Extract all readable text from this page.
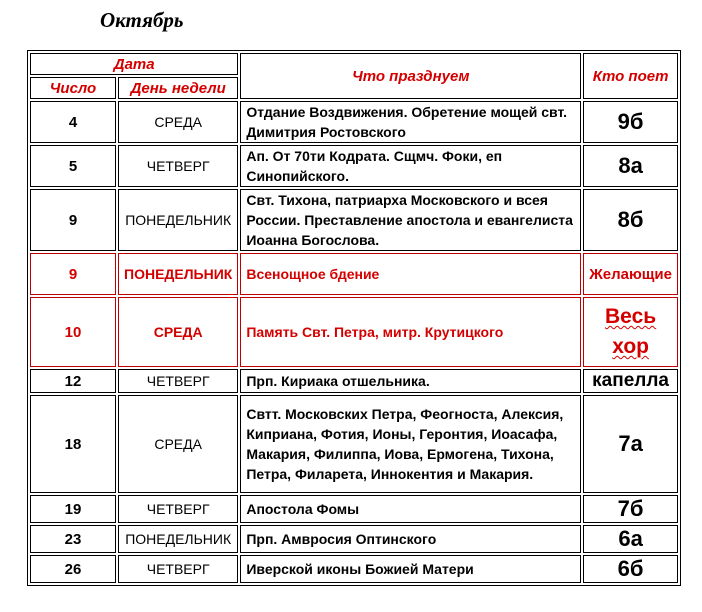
Октябрь
Дата		Что празднуем	Кто поет
Число	День недели		
4	СРЕДА	Отдание Воздвижения. Обретение мощей свт. Димитрия Ростовского	9б
5	ЧЕТВЕРГ	Ап. От 70ти Кодрата. Сщмч. Фоки, еп Синопийского.	8а
9	ПОНЕДЕЛЬНИК	Свт. Тихона, патриарха Московского и всея России. Преставление апостола и евангелиста Иоанна Богослова.	8б
9	ПОНЕДЕЛЬНИК	Всенощное бдение	Желающие
10	СРЕДА	Память Свт. Петра, митр. Крутицкого	Весь хор
12	ЧЕТВЕРГ	Прп. Кириака отшельника.	капелла
18	СРЕДА	Свтт. Московских Петра, Феогноста, Алексия, Киприана, Фотия, Ионы, Геронтия, Иоасафа, Макария, Филиппа, Иова, Ермогена, Тихона, Петра, Филарета, Иннокентия и Макария.	7а
19	ЧЕТВЕРГ	Апостола Фомы	7б
23	ПОНЕДЕЛЬНИК	Прп. Амвросия Оптинского	6а
26	ЧЕТВЕРГ	Иверской иконы Божией Матери	6б
